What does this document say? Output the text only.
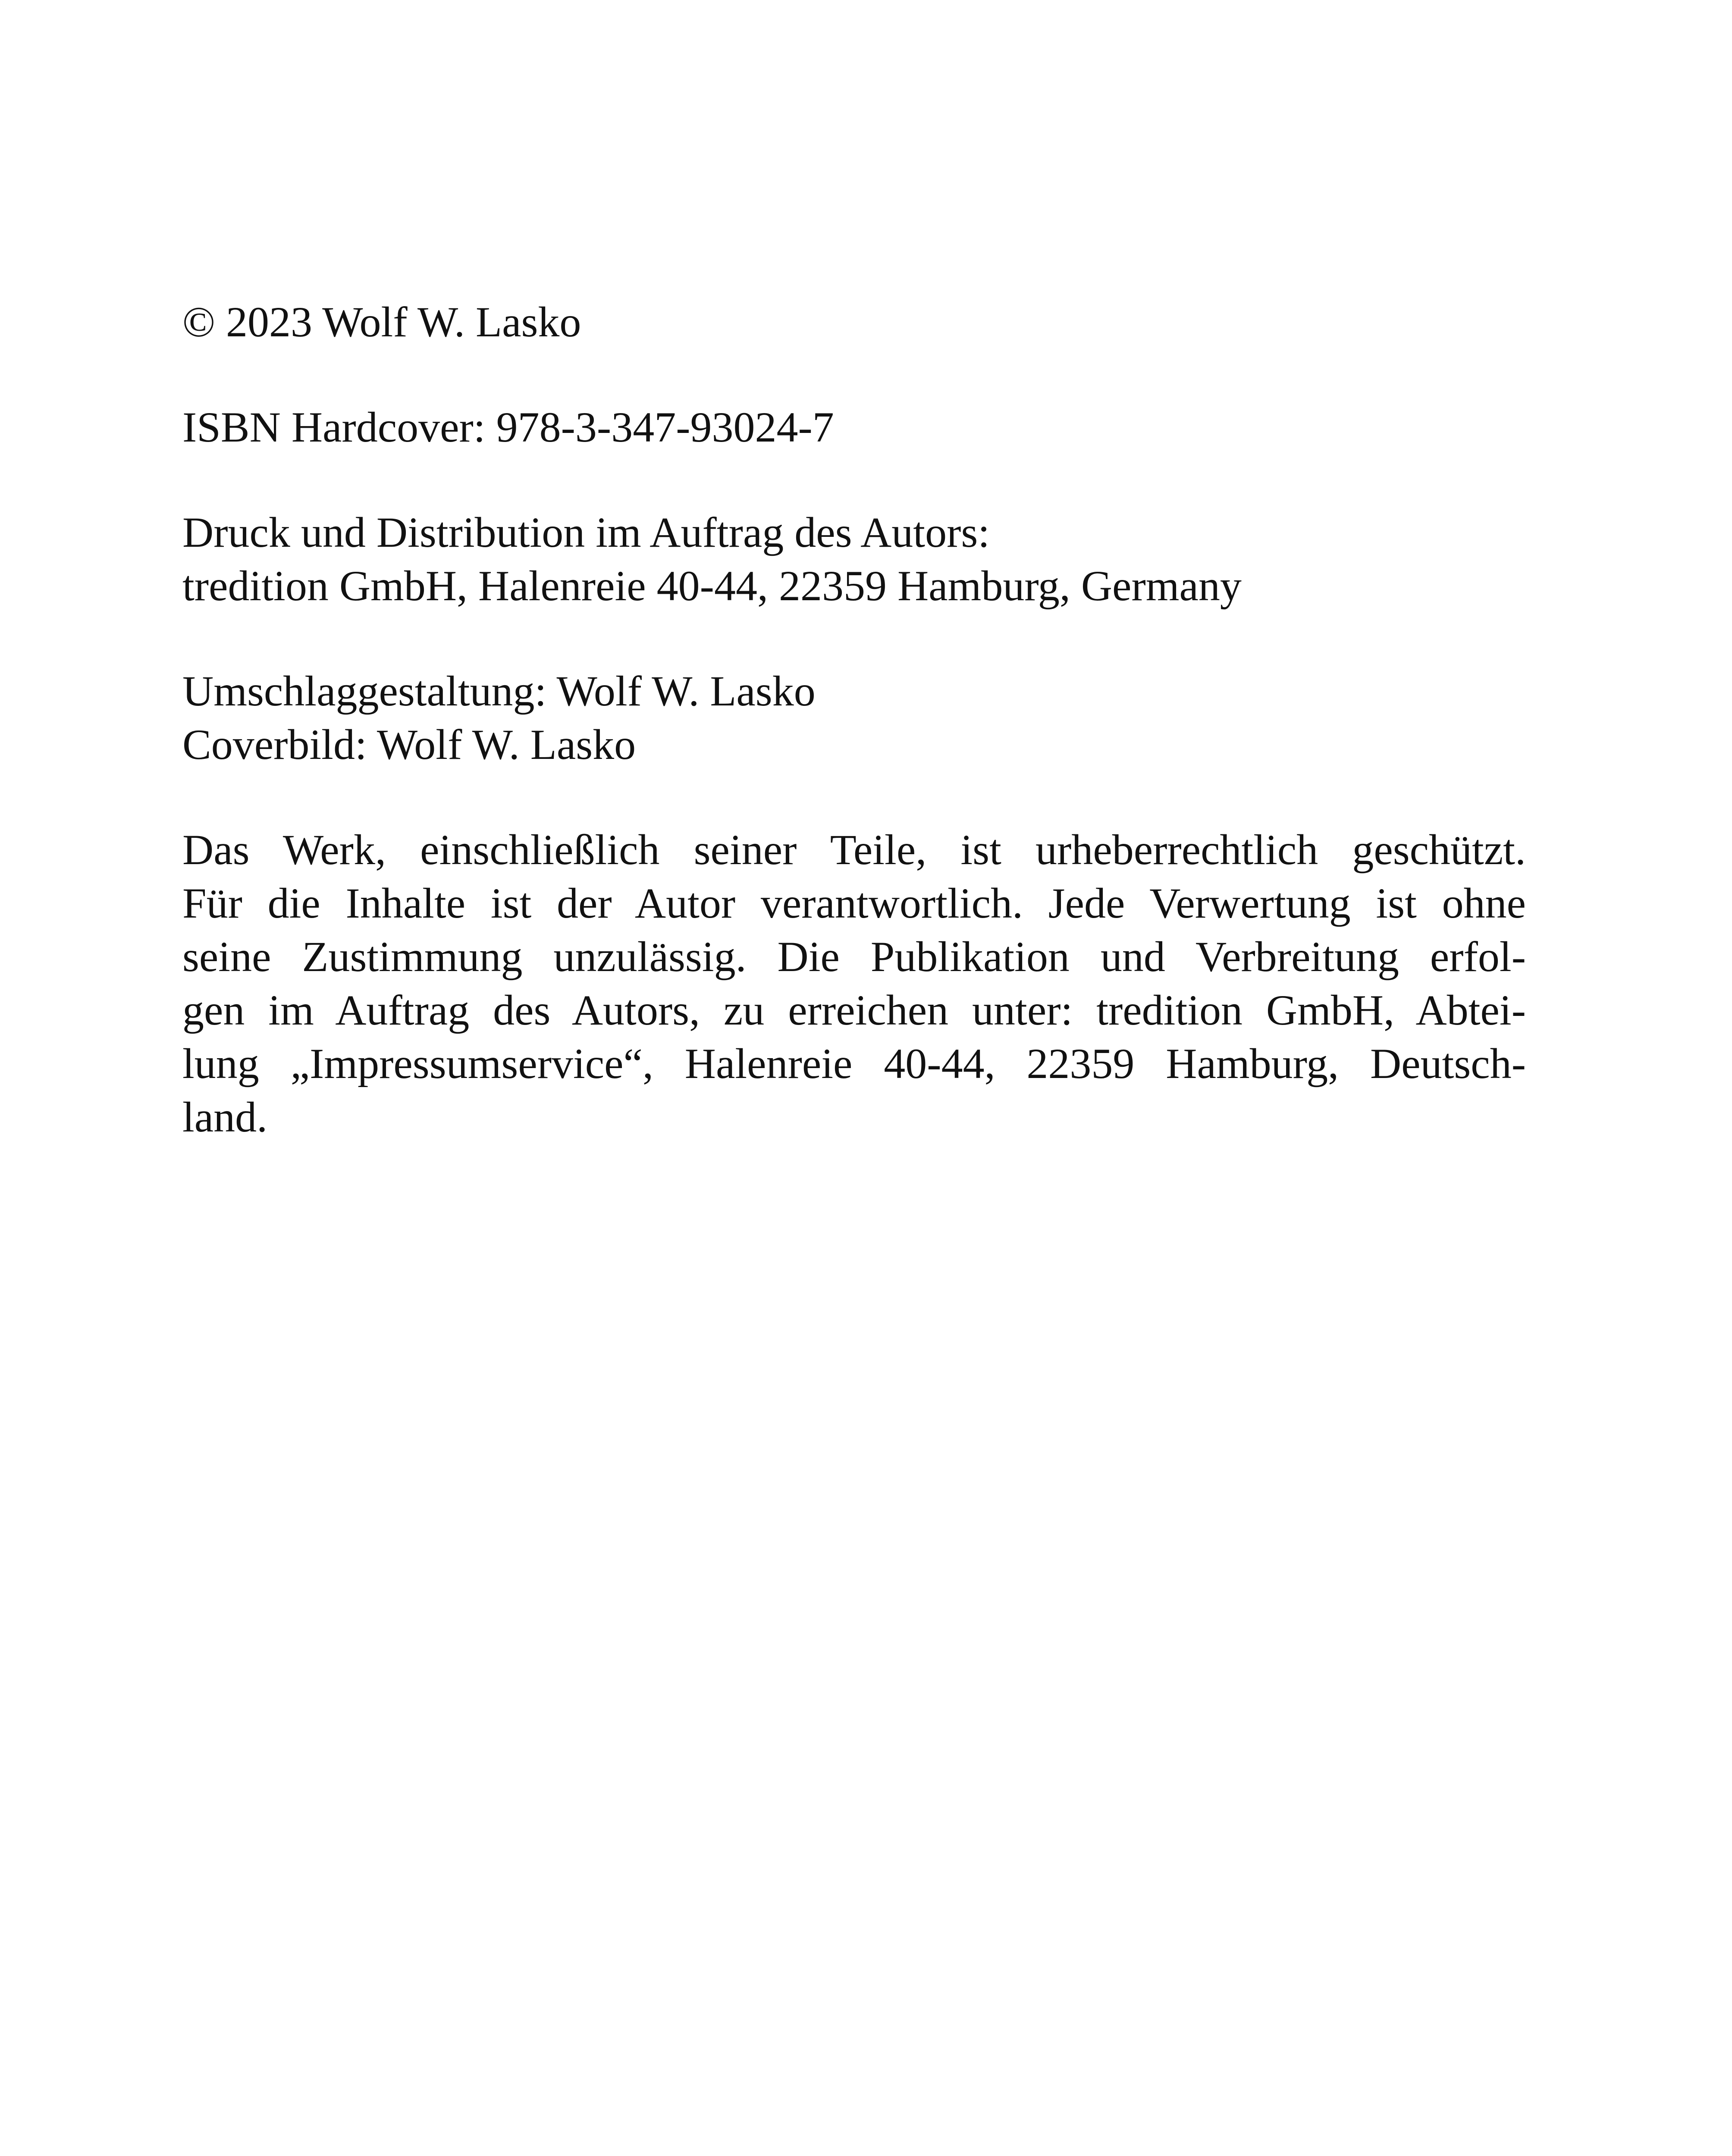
© 2023 Wolf W. Lasko
ISBN Hardcover: 978-3-347-93024-7
Druck und Distribution im Auftrag des Autors:
tredition GmbH, Halenreie 40-44, 22359 Hamburg, Germany
Umschlaggestaltung: Wolf W. Lasko
Coverbild: Wolf W. Lasko
Das Werk, einschließlich seiner Teile, ist urheberrechtlich geschützt.
Für die Inhalte ist der Autor verantwortlich. Jede Verwertung ist ohne
seine Zustimmung unzulässig. Die Publikation und Verbreitung erfol-
gen im Auftrag des Autors, zu erreichen unter: tredition GmbH, Abtei-
lung „Impressumservice“, Halenreie 40-44, 22359 Hamburg, Deutsch-
land.
